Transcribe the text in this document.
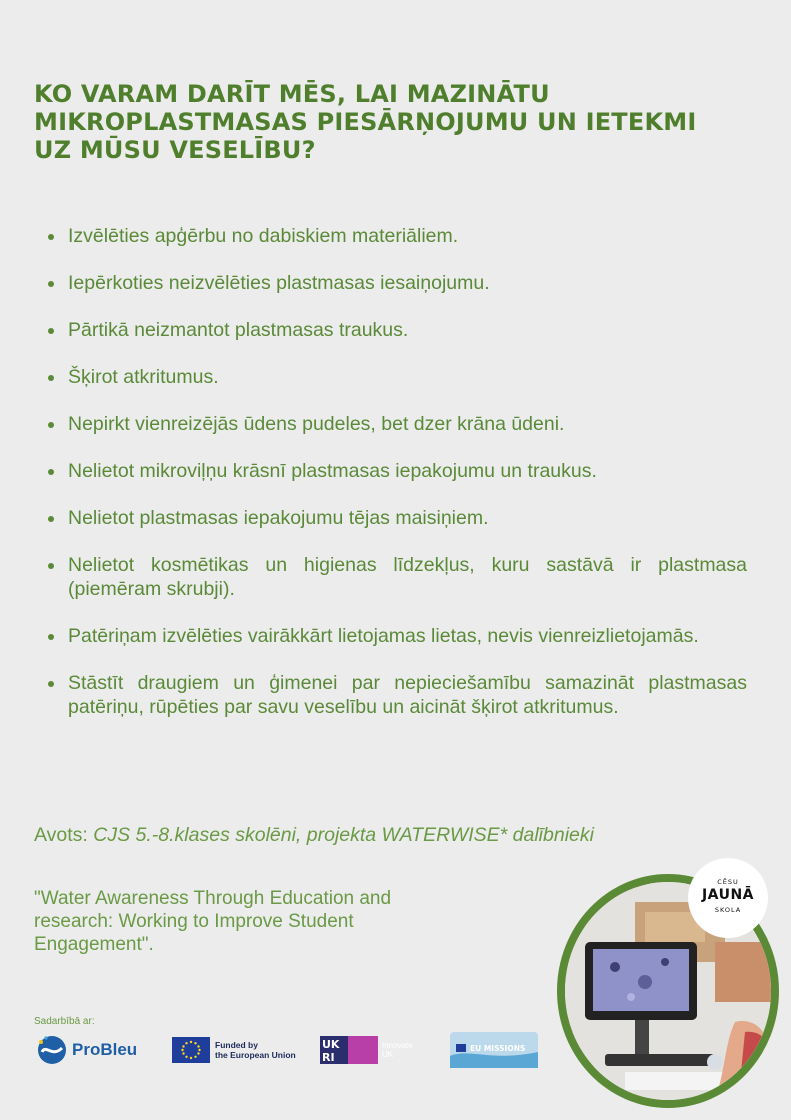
KO VARAM DARĪT MĒS, LAI MAZINĀTU
MIKROPLASTMASAS PIESĀRŅOJUMU UN IETEKMI
UZ MŪSU VESELĪBU?
Izvēlēties apģērbu no dabiskiem materiāliem.
Iepērkoties neizvēlēties plastmasas iesaiņojumu.
Pārtikā neizmantot plastmasas traukus.
Šķirot atkritumus.
Nepirkt vienreizējās ūdens pudeles, bet dzer krāna ūdeni.
Nelietot mikroviļņu krāsnī plastmasas iepakojumu un traukus.
Nelietot plastmasas iepakojumu tējas maisiņiem.
Nelietot kosmētikas un higienas līdzekļus, kuru sastāvā ir plastmasa (piemēram skrubji).
Patēriņam izvēlēties vairākkārt lietojamas lietas, nevis vienreizlietojamās.
Stāstīt draugiem un ģimenei par nepieciešamību samazināt plastmasas patēriņu, rūpēties par savu veselību un aicināt šķirot atkritumus.
Avots: CJS 5.-8.klases skolēni, projekta WATERWISE* dalībnieki
"Water Awareness Through Education and research: Working to Improve Student Engagement".
Sadarbībā ar:
ProBleu	Funded by
the European Union
UK
RI
Innovate
UK
EU MISSIONS
CĒSU
JAUNĀ
SKOLA
